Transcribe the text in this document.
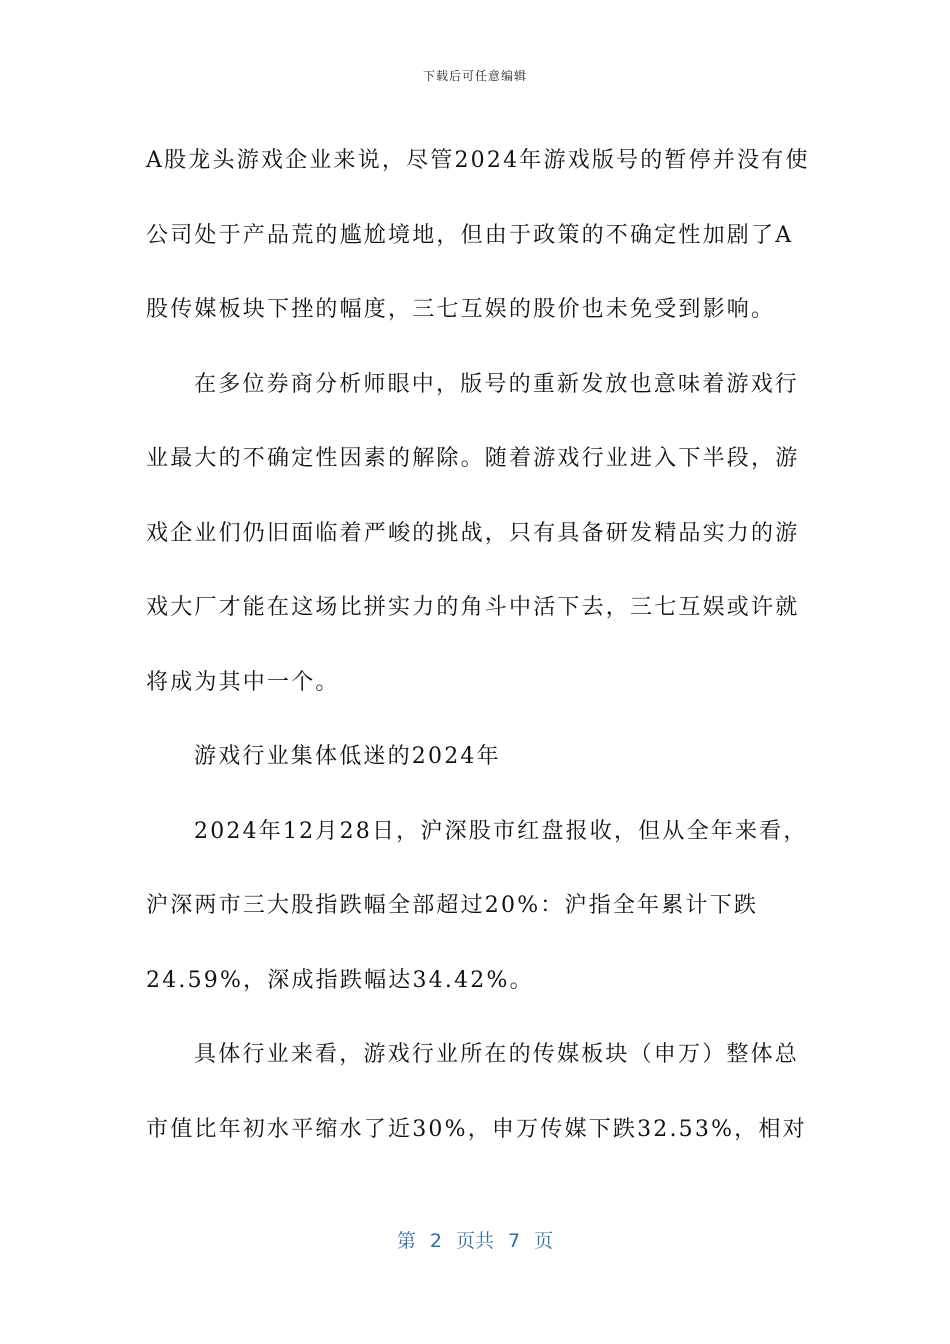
下载后可任意编辑
A股龙头游戏企业来说，尽管2024年游戏版号的暂停并没有使
公司处于产品荒的尴尬境地，但由于政策的不确定性加剧了A
股传媒板块下挫的幅度，三七互娱的股价也未免受到影响。
在多位券商分析师眼中，版号的重新发放也意味着游戏行
业最大的不确定性因素的解除。随着游戏行业进入下半段，游
戏企业们仍旧面临着严峻的挑战，只有具备研发精品实力的游
戏大厂才能在这场比拼实力的角斗中活下去，三七互娱或许就
将成为其中一个。
游戏行业集体低迷的2024年
2024年12月28日，沪深股市红盘报收，但从全年来看，
沪深两市三大股指跌幅全部超过20%：沪指全年累计下跌
24.59%，深成指跌幅达34.42%。
具体行业来看，游戏行业所在的传媒板块（申万）整体总
市值比年初水平缩水了近30%，申万传媒下跌32.53%，相对
第 2 页共 7 页
